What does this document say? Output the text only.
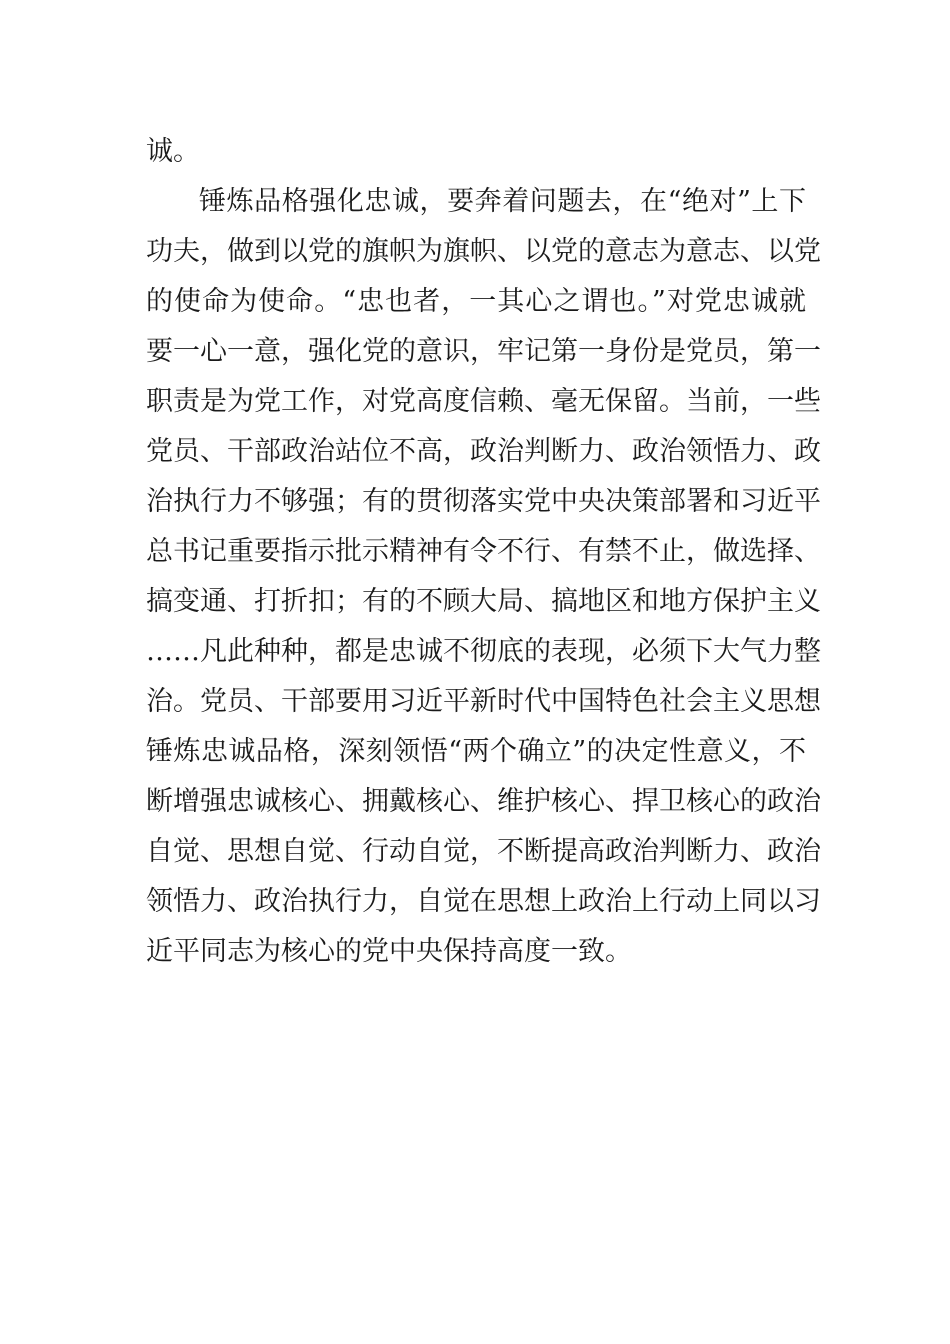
诚。
锤炼品格强化忠诚，要奔着问题去，在“绝对”上下
功夫，做到以党的旗帜为旗帜、以党的意志为意志、以党
的使命为使命。“忠也者，一其心之谓也。”对党忠诚就
要一心一意，强化党的意识，牢记第一身份是党员，第一
职责是为党工作，对党高度信赖、毫无保留。当前，一些
党员、干部政治站位不高，政治判断力、政治领悟力、政
治执行力不够强；有的贯彻落实党中央决策部署和习近平
总书记重要指示批示精神有令不行、有禁不止，做选择、
搞变通、打折扣；有的不顾大局、搞地区和地方保护主义
……凡此种种，都是忠诚不彻底的表现，必须下大气力整
治。党员、干部要用习近平新时代中国特色社会主义思想
锤炼忠诚品格，深刻领悟“两个确立”的决定性意义，不
断增强忠诚核心、拥戴核心、维护核心、捍卫核心的政治
自觉、思想自觉、行动自觉，不断提高政治判断力、政治
领悟力、政治执行力，自觉在思想上政治上行动上同以习
近平同志为核心的党中央保持高度一致。
